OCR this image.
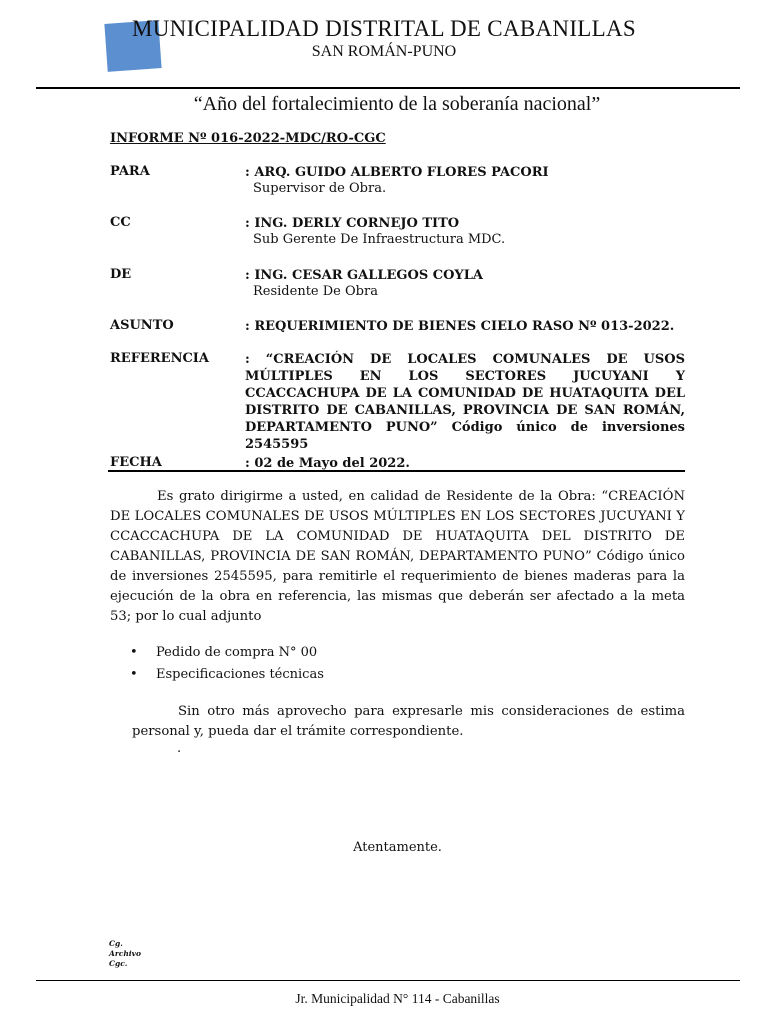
MUNICIPALIDAD DISTRITAL DE CABANILLAS
SAN ROMÁN-PUNO
“Año del fortalecimiento de la soberanía nacional”
INFORME Nº 016-2022-MDC/RO-CGC
PARA	: ARQ. GUIDO ALBERTO FLORES PACORI
Supervisor de Obra.
CC	: ING. DERLY CORNEJO TITO
Sub Gerente De Infraestructura MDC.
DE	: ING. CESAR GALLEGOS COYLA
Residente De Obra
ASUNTO	: REQUERIMIENTO DE BIENES CIELO RASO Nº 013-2022.
REFERENCIA	: “CREACIÓN DE LOCALES COMUNALES DE USOS MÚLTIPLES EN LOS SECTORES JUCUYANI Y CCACCACHUPA DE LA COMUNIDAD DE HUATAQUITA DEL DISTRITO DE CABANILLAS, PROVINCIA DE SAN ROMÁN, DEPARTAMENTO PUNO” Código único de inversiones 2545595
FECHA	: 02 de Mayo del 2022.
Es grato dirigirme a usted, en calidad de Residente de la Obra: “CREACIÓN DE LOCALES COMUNALES DE USOS MÚLTIPLES EN LOS SECTORES JUCUYANI Y CCACCACHUPA DE LA COMUNIDAD DE HUATAQUITA DEL DISTRITO DE CABANILLAS, PROVINCIA DE SAN ROMÁN, DEPARTAMENTO PUNO” Código único de inversiones 2545595, para remitirle el requerimiento de bienes maderas para la ejecución de la obra en referencia, las mismas que deberán ser afectado a la meta 53; por lo cual adjunto
• Pedido de compra N° 00
• Especificaciones técnicas
Sin otro más aprovecho para expresarle mis consideraciones de estima personal y, pueda dar el trámite correspondiente.
.
Atentamente.
Cg.
Archivo
Cgc.
Jr. Municipalidad N° 114 - Cabanillas
